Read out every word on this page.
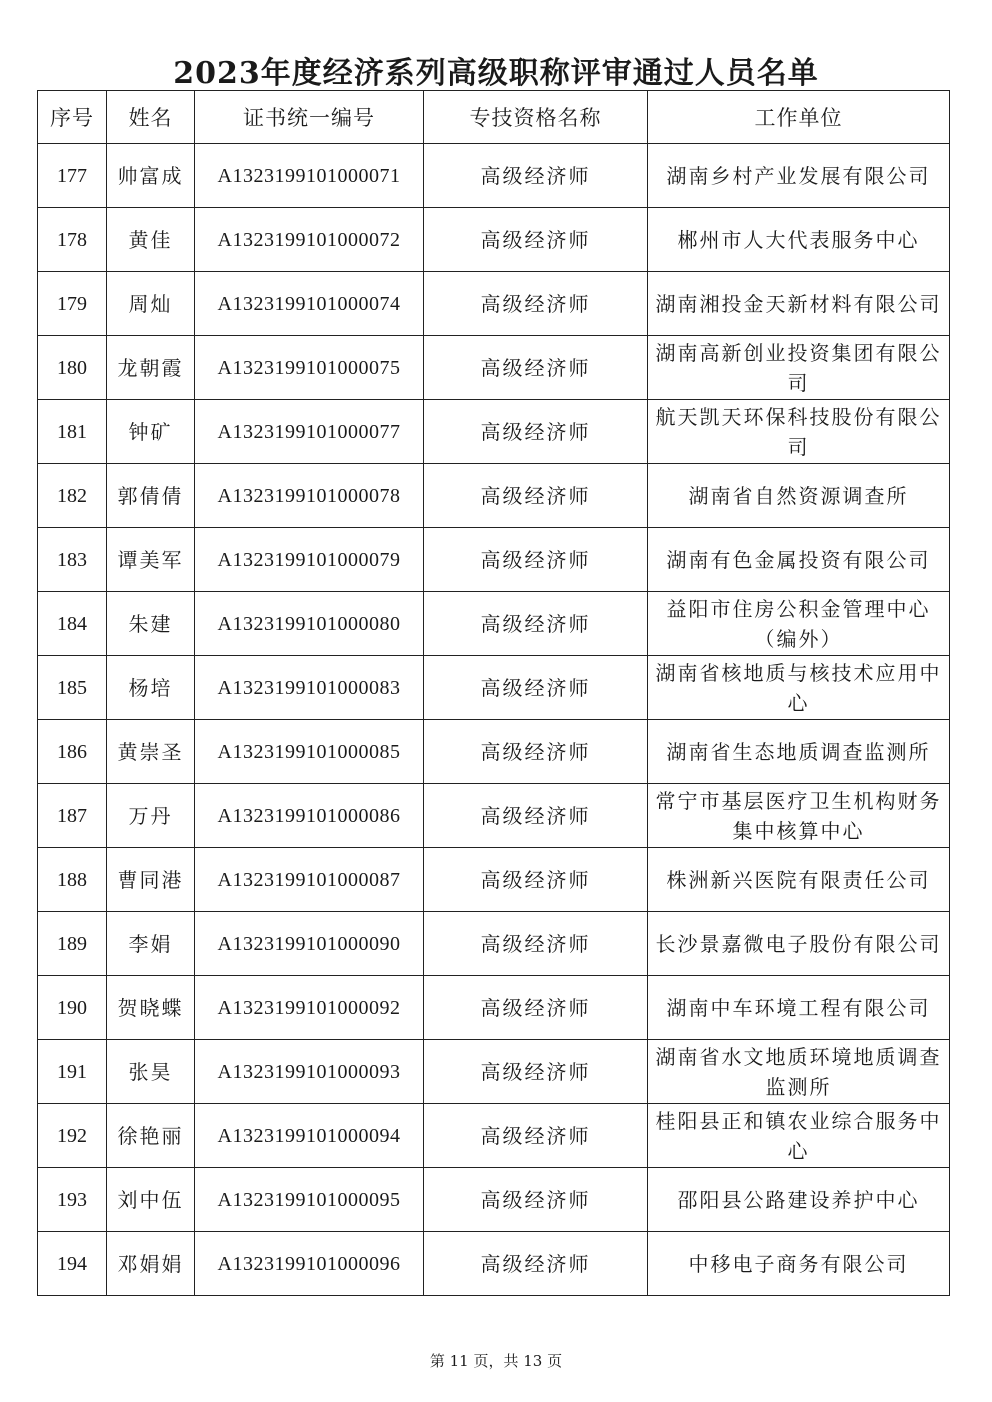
2023年度经济系列高级职称评审通过人员名单
序号	姓名	证书统一编号	专技资格名称	工作单位
177	帅富成	A1323199101000071	高级经济师	湖南乡村产业发展有限公司
178	黄佳	A1323199101000072	高级经济师	郴州市人大代表服务中心
179	周灿	A1323199101000074	高级经济师	湖南湘投金天新材料有限公司
180	龙朝霞	A1323199101000075	高级经济师	湖南高新创业投资集团有限公司
181	钟矿	A1323199101000077	高级经济师	航天凯天环保科技股份有限公司
182	郭倩倩	A1323199101000078	高级经济师	湖南省自然资源调查所
183	谭美军	A1323199101000079	高级经济师	湖南有色金属投资有限公司
184	朱建	A1323199101000080	高级经济师	益阳市住房公积金管理中心（编外）
185	杨培	A1323199101000083	高级经济师	湖南省核地质与核技术应用中心
186	黄崇圣	A1323199101000085	高级经济师	湖南省生态地质调查监测所
187	万丹	A1323199101000086	高级经济师	常宁市基层医疗卫生机构财务集中核算中心
188	曹同港	A1323199101000087	高级经济师	株洲新兴医院有限责任公司
189	李娟	A1323199101000090	高级经济师	长沙景嘉微电子股份有限公司
190	贺晓蝶	A1323199101000092	高级经济师	湖南中车环境工程有限公司
191	张昊	A1323199101000093	高级经济师	湖南省水文地质环境地质调查监测所
192	徐艳丽	A1323199101000094	高级经济师	桂阳县正和镇农业综合服务中心
193	刘中伍	A1323199101000095	高级经济师	邵阳县公路建设养护中心
194	邓娟娟	A1323199101000096	高级经济师	中移电子商务有限公司
第 11 页，共 13 页
